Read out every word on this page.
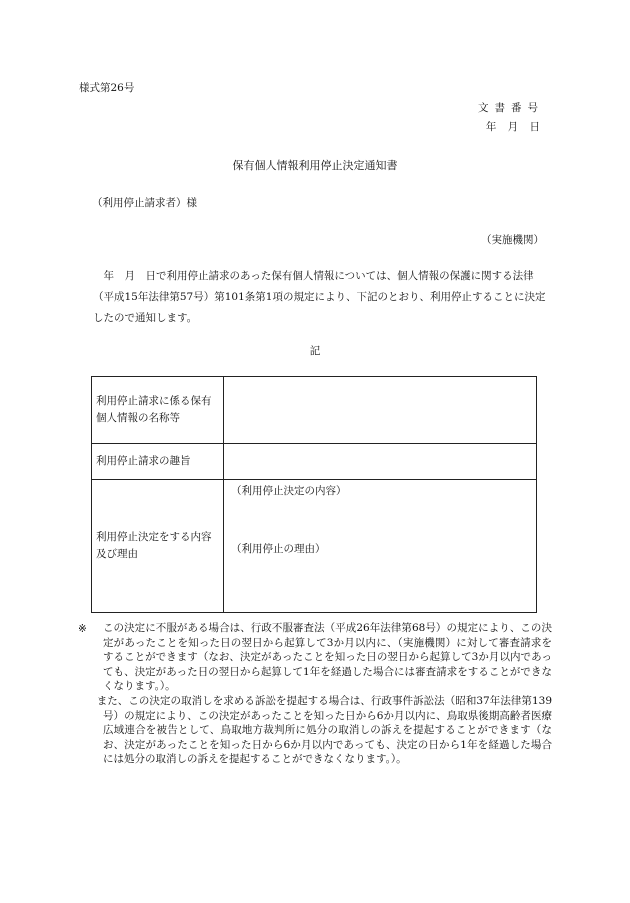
様式第26号
文書番号
年 月 日
保有個人情報利用停止決定通知書
（利用停止請求者）様
（実施機関）
年　月　日で利用停止請求のあった保有個人情報については、個人情報の保護に関する法律（平成15年法律第57号）第101条第1項の規定により、下記のとおり、利用停止することに決定したので通知します。
記
利用停止請求に係る保有個人情報の名称等	
利用停止請求の趣旨	
利用停止決定をする内容及び理由	（利用停止決定の内容）
（利用停止の理由）
※ この決定に不服がある場合は、行政不服審査法（平成26年法律第68号）の規定により、この決定があったことを知った日の翌日から起算して3か月以内に、（実施機関）に対して審査請求をすることができます（なお、決定があったことを知った日の翌日から起算して3か月以内であっても、決定があった日の翌日から起算して1年を経過した場合には審査請求をすることができなくなります。）。

また、この決定の取消しを求める訴訟を提起する場合は、行政事件訴訟法（昭和37年法律第139号）の規定により、この決定があったことを知った日から6か月以内に、鳥取県後期高齢者医療広域連合を被告として、鳥取地方裁判所に処分の取消しの訴えを提起することができます（なお、決定があったことを知った日から6か月以内であっても、決定の日から1年を経過した場合には処分の取消しの訴えを提起することができなくなります。）。
